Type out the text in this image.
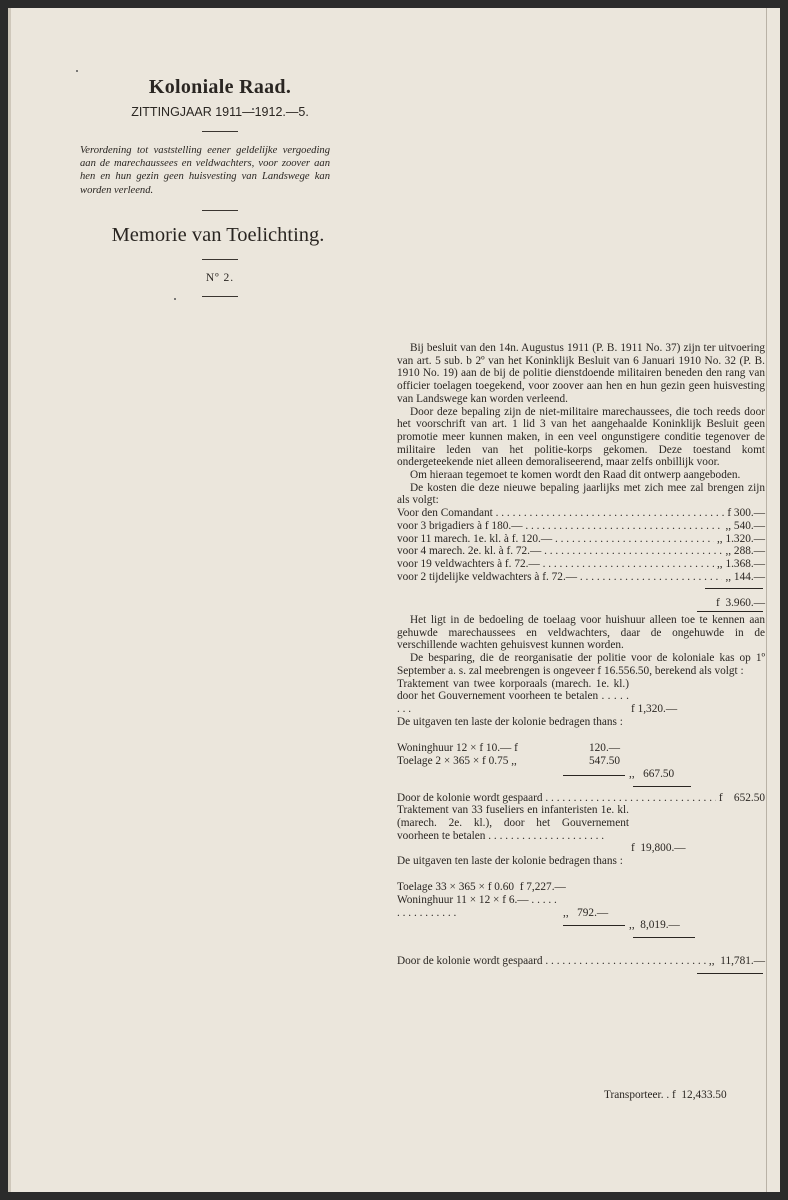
Koloniale Raad.

ZITTINGJAAR 1911—1912.—5.

Verordening tot vaststelling eener geldelijke vergoeding aan de marechaussees en veldwachters, voor zoover aan hen en hun gezin geen huisvesting van Landswege kan worden verleend.

Memorie van Toelichting.

Nº 2.

Bij besluit van den 14n. Augustus 1911 (P. B. 1911 No. 37) zijn ter uitvoering van art. 5 sub. b 2º van het Koninklijk Besluit van 6 Januari 1910 No. 32 (P. B. 1910 No. 19) aan de bij de politie dienstdoende militairen beneden den rang van officier toelagen toegekend, voor zoover aan hen en hun gezin geen huisvesting van Landswege kan worden verleend.

Door deze bepaling zijn de niet-militaire marechaussees, die toch reeds door het voorschrift van art. 1 lid 3 van het aangehaalde Koninklijk Besluit geen promotie meer kunnen maken, in een veel ongunstigere conditie tegenover de militaire leden van het politie-korps gekomen. Deze toestand komt ondergeteekende niet alleen demoraliseerend, maar zelfs onbillijk voor.

Om hieraan tegemoet te komen wordt den Raad dit ontwerp aangeboden.

De kosten die deze nieuwe bepaling jaarlijks met zich mee zal brengen zijn als volgt:

Voor den Comandant . . .	f 300.—
voor 3 brigadiers à f 180.— . . .	,, 540.—
voor 11 marech. 1e. kl. à f. 120.— . . .	,, 1.320.—
voor 4 marech. 2e. kl. à f. 72.— . . .	,, 288.—
voor 19 veldwachters à f. 72.— . . .	,, 1.368.—
voor 2 tijdelijke veldwachters à f. 72.— . . .	,, 144.—
f  3.960.—

Het ligt in de bedoeling de toelaag voor huishuur alleen toe te kennen aan gehuwde marechaussees en veldwachters, daar de ongehuwde in de verschillende wachten gehuisvest kunnen worden.

De besparing, die de reorganisatie der politie voor de koloniale kas op 1º September a. s. zal meebrengen is ongeveer f 16.556.50, berekend als volgt :

Traktement van twee korporaals (marech. 1e. kl.) door het Gouvernement voorheen te betalen . . . . . . . .	f 1,320.—
De uitgaven ten laste der kolonie bedragen thans :
Woninghuur 12 × f 10.— f	120.—
Toelage 2 × 365 × f 0.75 ,,	547.50
,,   667.50
Door de kolonie wordt gespaard . . .	f    652.50
Traktement van 33 fuseliers en infanteristen 1e. kl. (marech. 2e. kl.), door het Gouvernement voorheen te betalen . . . . . . . . . . . . . . . . . . . . .
f  19,800.—
De uitgaven ten laste der kolonie bedragen thans :
Toelage 33 × 365 × f 0.60  f 7,227.—
Woninghuur 11 × 12 × f 6.— . . . . . . . . . . . . . . . .	,,   792.—
,,  8,019.—
Door de kolonie wordt gespaard . . .	,,  11,781.—
Transporteer. . f  12,433.50
